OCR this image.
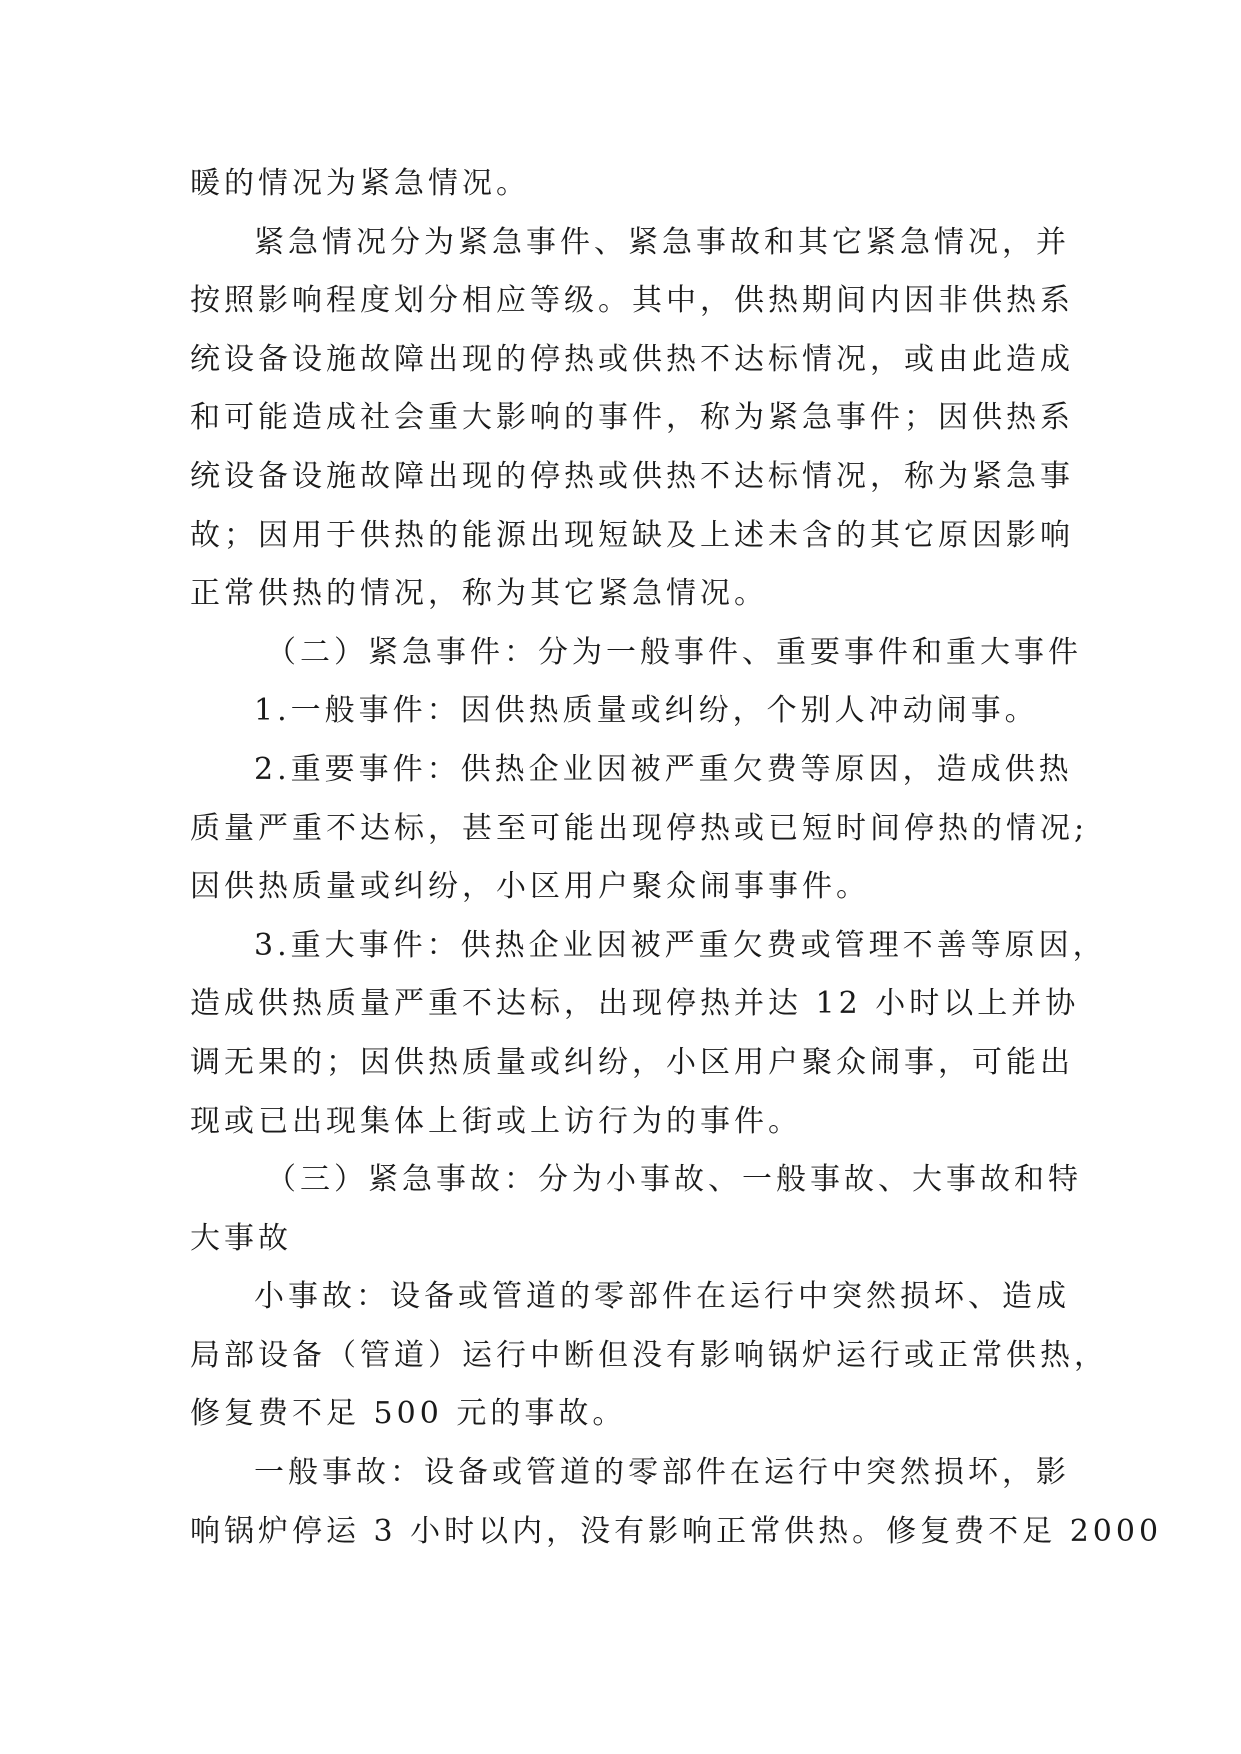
暖的情况为紧急情况。
紧急情况分为紧急事件、紧急事故和其它紧急情况，并
按照影响程度划分相应等级。其中，供热期间内因非供热系
统设备设施故障出现的停热或供热不达标情况，或由此造成
和可能造成社会重大影响的事件，称为紧急事件；因供热系
统设备设施故障出现的停热或供热不达标情况，称为紧急事
故；因用于供热的能源出现短缺及上述未含的其它原因影响
正常供热的情况，称为其它紧急情况。
（二）紧急事件：分为一般事件、重要事件和重大事件
1.一般事件：因供热质量或纠纷，个别人冲动闹事。
2.重要事件：供热企业因被严重欠费等原因，造成供热
质量严重不达标，甚至可能出现停热或已短时间停热的情况;
因供热质量或纠纷，小区用户聚众闹事事件。
3.重大事件：供热企业因被严重欠费或管理不善等原因，
造成供热质量严重不达标，出现停热并达 12 小时以上并协
调无果的；因供热质量或纠纷，小区用户聚众闹事，可能出
现或已出现集体上街或上访行为的事件。
（三）紧急事故：分为小事故、一般事故、大事故和特
大事故
小事故：设备或管道的零部件在运行中突然损坏、造成
局部设备（管道）运行中断但没有影响锅炉运行或正常供热，
修复费不足 500 元的事故。
一般事故：设备或管道的零部件在运行中突然损坏，影
响锅炉停运 3 小时以内，没有影响正常供热。修复费不足 2000
